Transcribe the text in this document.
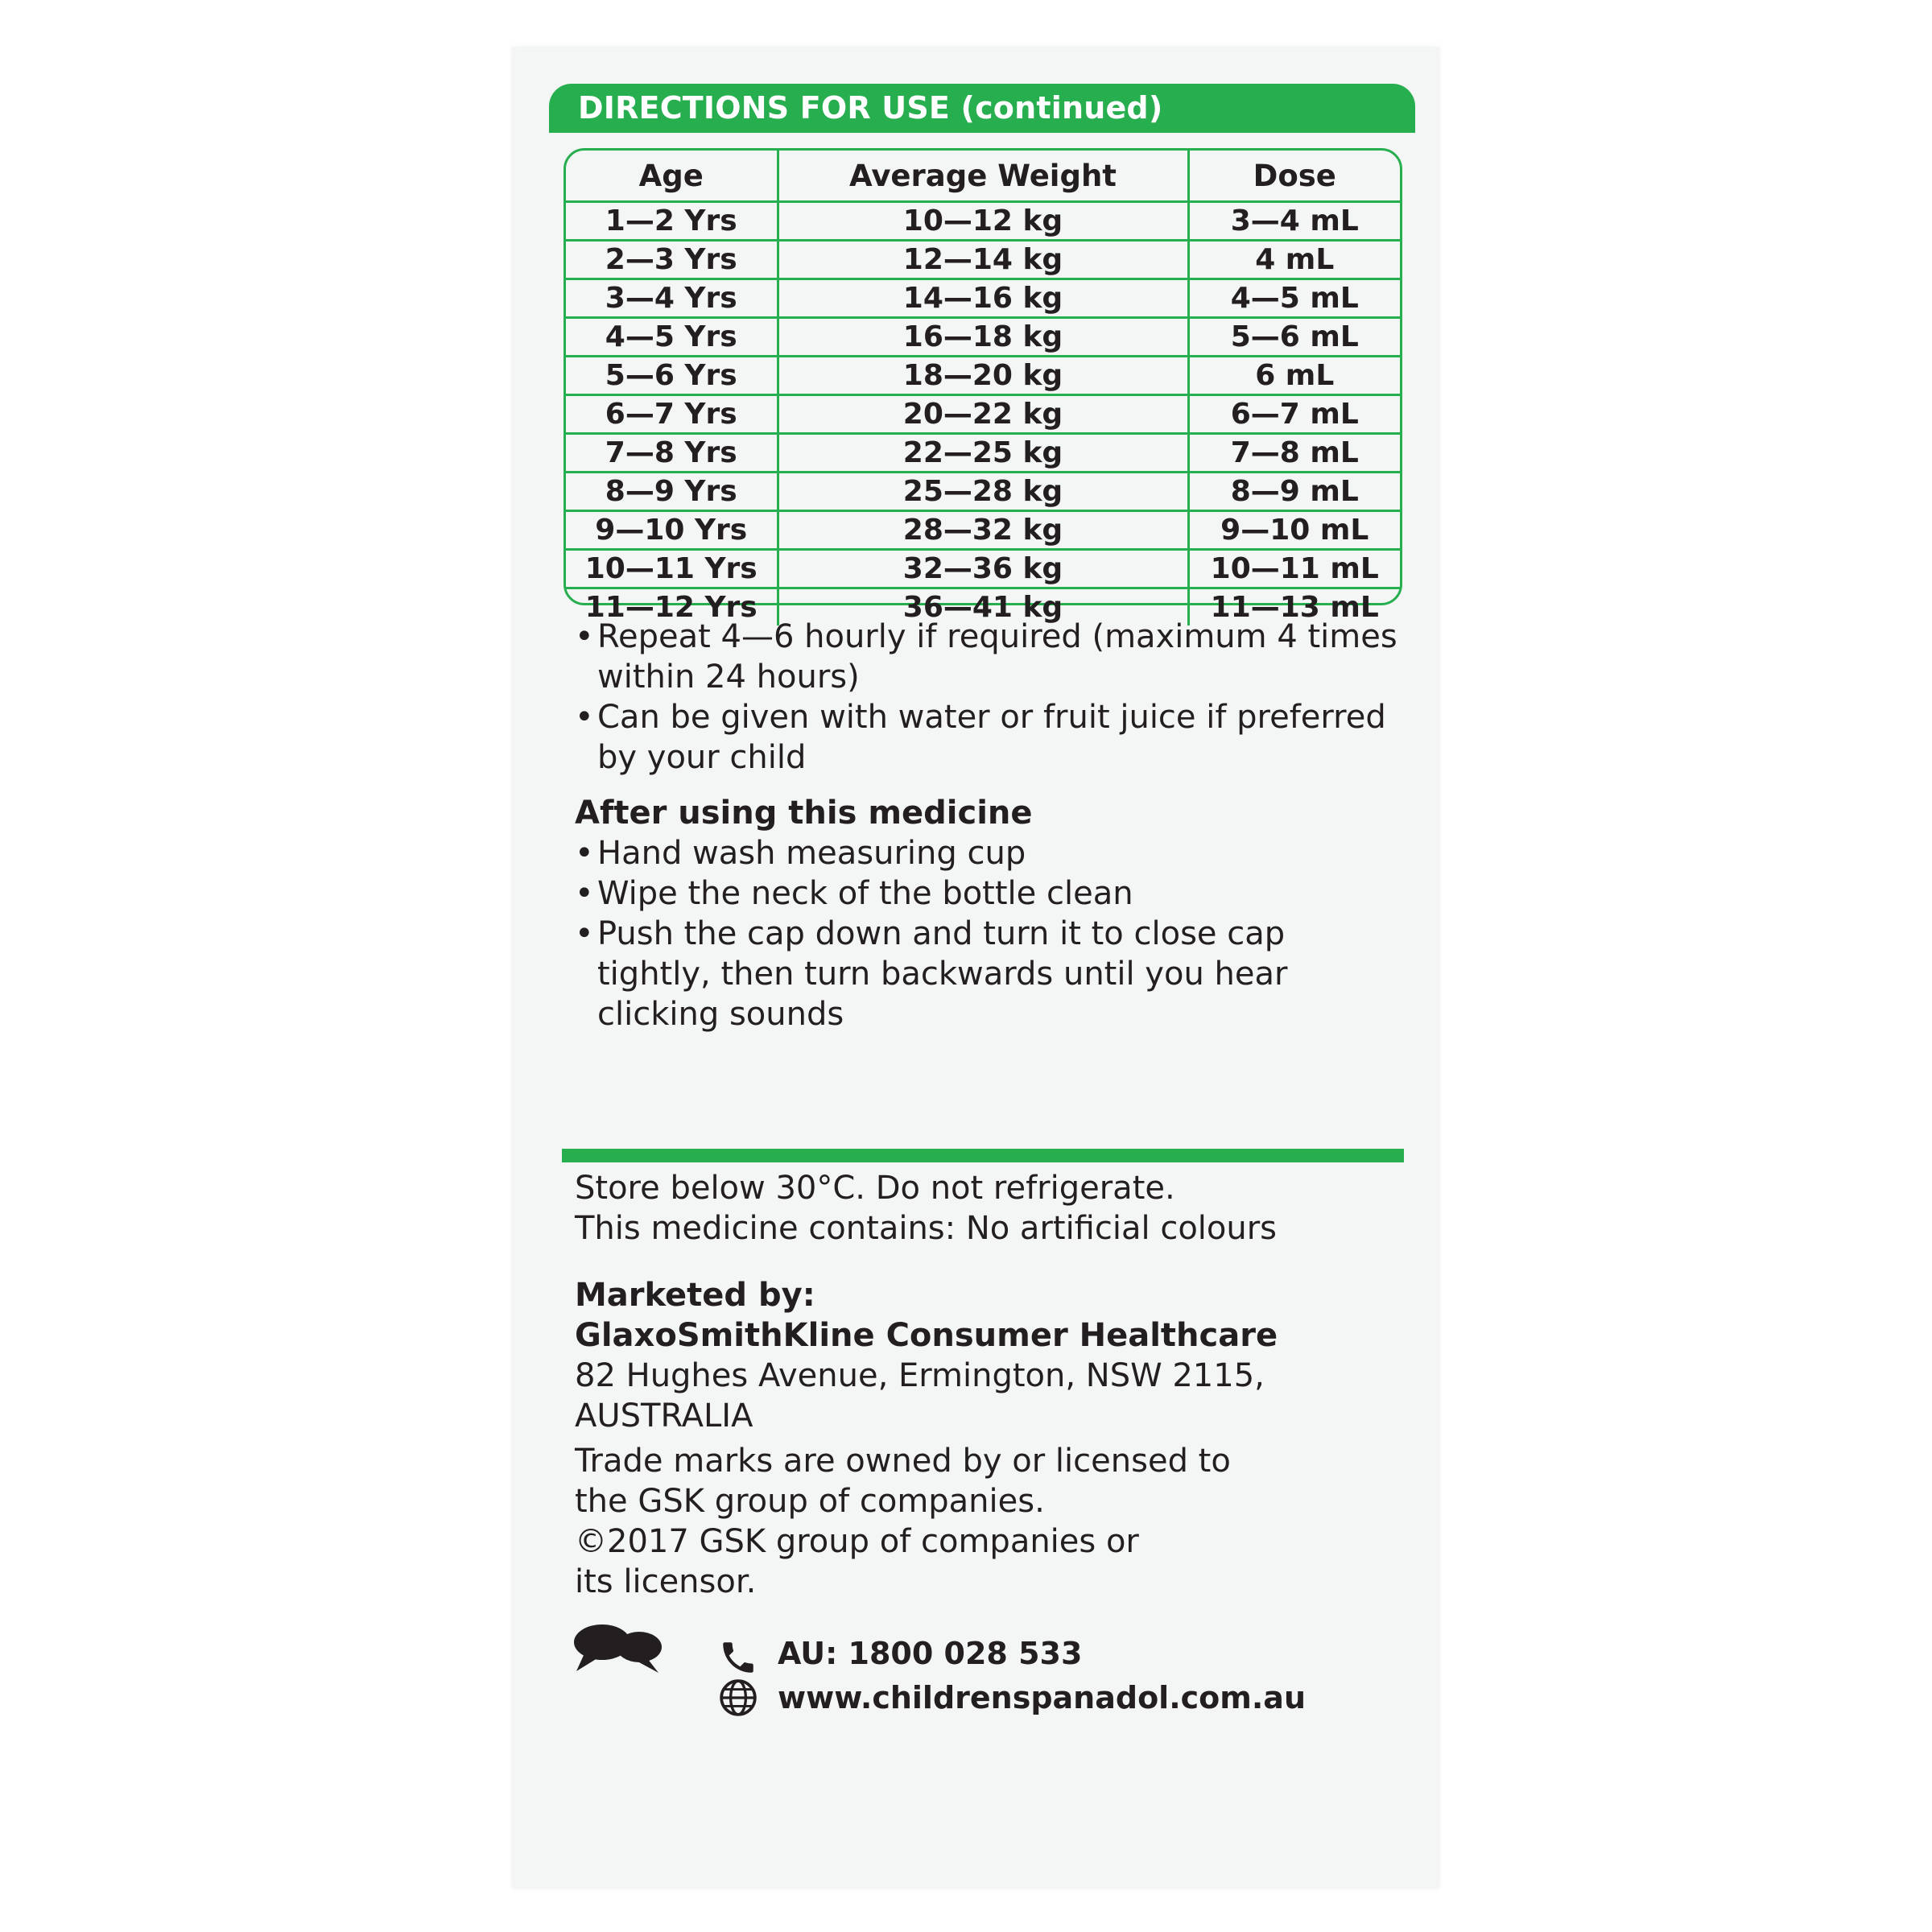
DIRECTIONS FOR USE (continued)
Age	Average Weight	Dose
1—2 Yrs	10—12 kg	3—4 mL
2—3 Yrs	12—14 kg	4 mL
3—4 Yrs	14—16 kg	4—5 mL
4—5 Yrs	16—18 kg	5—6 mL
5—6 Yrs	18—20 kg	6 mL
6—7 Yrs	20—22 kg	6—7 mL
7—8 Yrs	22—25 kg	7—8 mL
8—9 Yrs	25—28 kg	8—9 mL
9—10 Yrs	28—32 kg	9—10 mL
10—11 Yrs	32—36 kg	10—11 mL
11—12 Yrs	36—41 kg	11—13 mL
• Repeat 4—6 hourly if required (maximum 4 times within 24 hours)
• Can be given with water or fruit juice if preferred by your child
After using this medicine
• Hand wash measuring cup
• Wipe the neck of the bottle clean
• Push the cap down and turn it to close cap tightly, then turn backwards until you hear clicking sounds
Store below 30°C. Do not refrigerate.
This medicine contains: No artificial colours
Marketed by:
GlaxoSmithKline Consumer Healthcare
82 Hughes Avenue, Ermington, NSW 2115,
AUSTRALIA
Trade marks are owned by or licensed to
the GSK group of companies.
©2017 GSK group of companies or
its licensor.
AU: 1800 028 533
www.childrenspanadol.com.au
